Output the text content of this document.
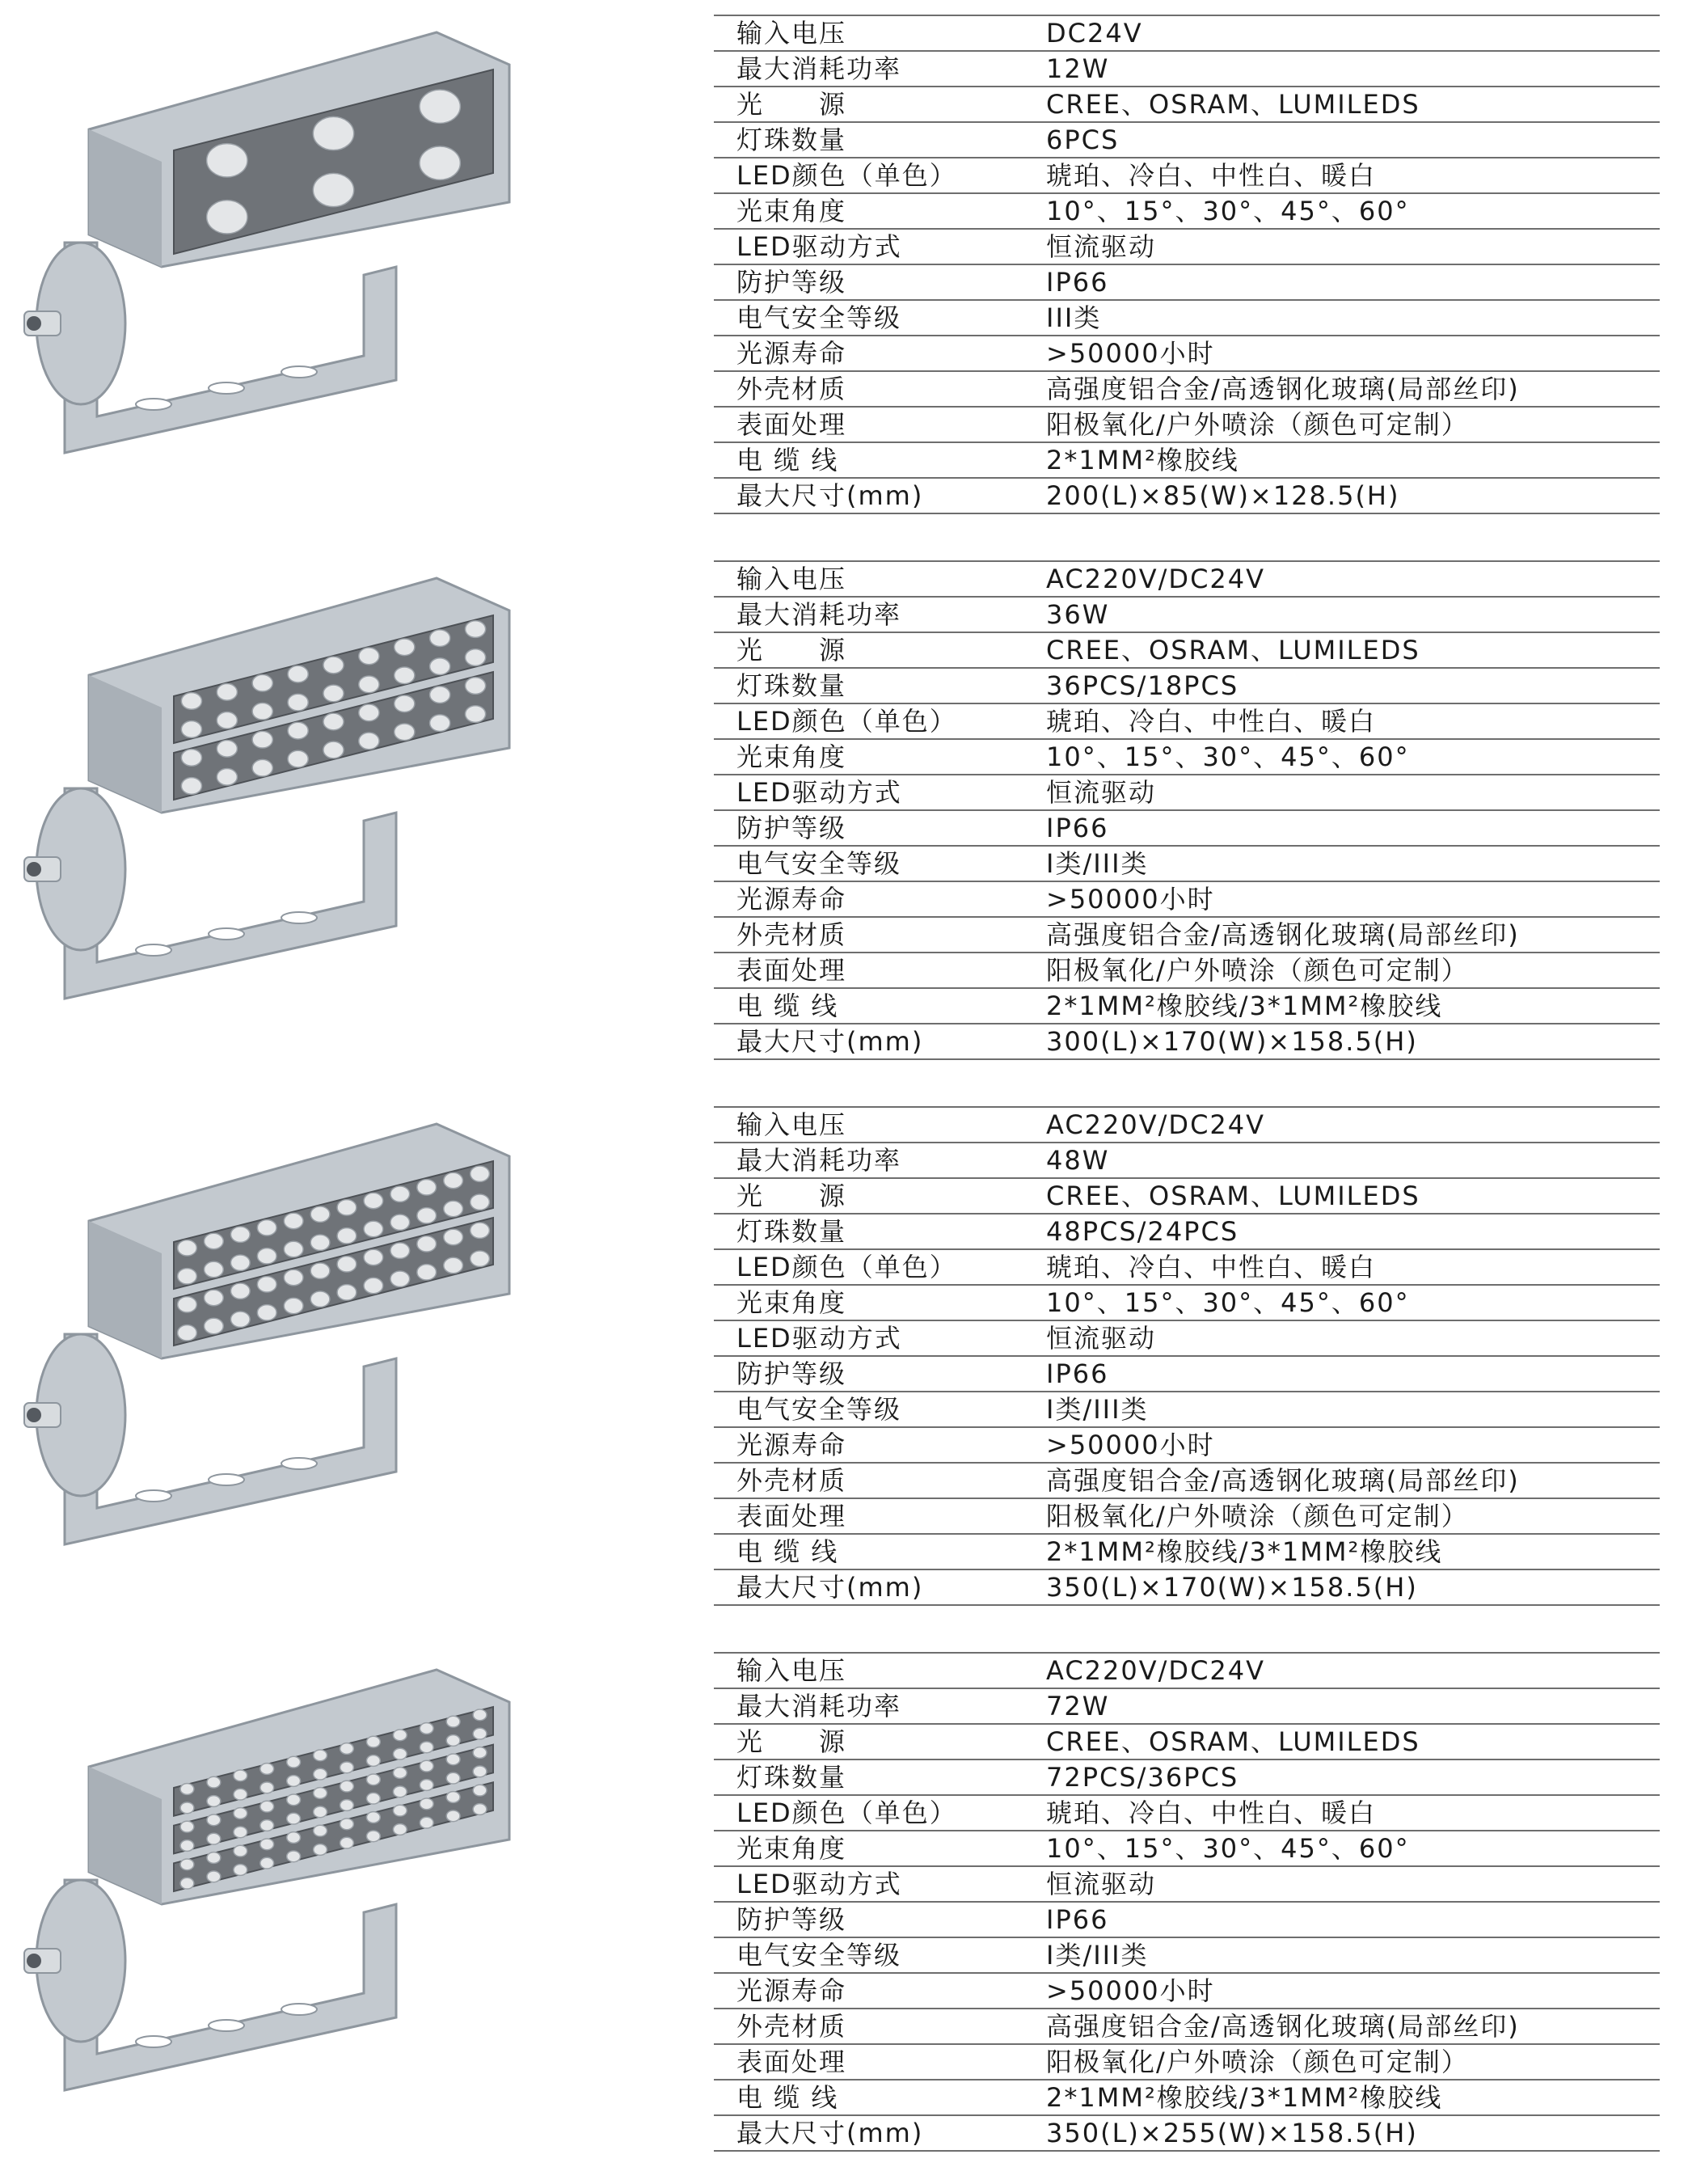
输入电压	DC24V
最大消耗功率	12W
光　　源	CREE、OSRAM、LUMILEDS
灯珠数量	6PCS
LED颜色（单色）	琥珀、冷白、中性白、暖白
光束角度	10°、15°、30°、45°、60°
LED驱动方式	恒流驱动
防护等级	IP66
电气安全等级	III类
光源寿命	>50000小时
外壳材质	高强度铝合金/高透钢化玻璃(局部丝印)
表面处理	阳极氧化/户外喷涂（颜色可定制）
电 缆 线	2*1MM²橡胶线
最大尺寸(mm)	200(L)×85(W)×128.5(H)
输入电压	AC220V/DC24V
最大消耗功率	36W
光　　源	CREE、OSRAM、LUMILEDS
灯珠数量	36PCS/18PCS
LED颜色（单色）	琥珀、冷白、中性白、暖白
光束角度	10°、15°、30°、45°、60°
LED驱动方式	恒流驱动
防护等级	IP66
电气安全等级	I类/III类
光源寿命	>50000小时
外壳材质	高强度铝合金/高透钢化玻璃(局部丝印)
表面处理	阳极氧化/户外喷涂（颜色可定制）
电 缆 线	2*1MM²橡胶线/3*1MM²橡胶线
最大尺寸(mm)	300(L)×170(W)×158.5(H)
输入电压	AC220V/DC24V
最大消耗功率	48W
光　　源	CREE、OSRAM、LUMILEDS
灯珠数量	48PCS/24PCS
LED颜色（单色）	琥珀、冷白、中性白、暖白
光束角度	10°、15°、30°、45°、60°
LED驱动方式	恒流驱动
防护等级	IP66
电气安全等级	I类/III类
光源寿命	>50000小时
外壳材质	高强度铝合金/高透钢化玻璃(局部丝印)
表面处理	阳极氧化/户外喷涂（颜色可定制）
电 缆 线	2*1MM²橡胶线/3*1MM²橡胶线
最大尺寸(mm)	350(L)×170(W)×158.5(H)
输入电压	AC220V/DC24V
最大消耗功率	72W
光　　源	CREE、OSRAM、LUMILEDS
灯珠数量	72PCS/36PCS
LED颜色（单色）	琥珀、冷白、中性白、暖白
光束角度	10°、15°、30°、45°、60°
LED驱动方式	恒流驱动
防护等级	IP66
电气安全等级	I类/III类
光源寿命	>50000小时
外壳材质	高强度铝合金/高透钢化玻璃(局部丝印)
表面处理	阳极氧化/户外喷涂（颜色可定制）
电 缆 线	2*1MM²橡胶线/3*1MM²橡胶线
最大尺寸(mm)	350(L)×255(W)×158.5(H)
